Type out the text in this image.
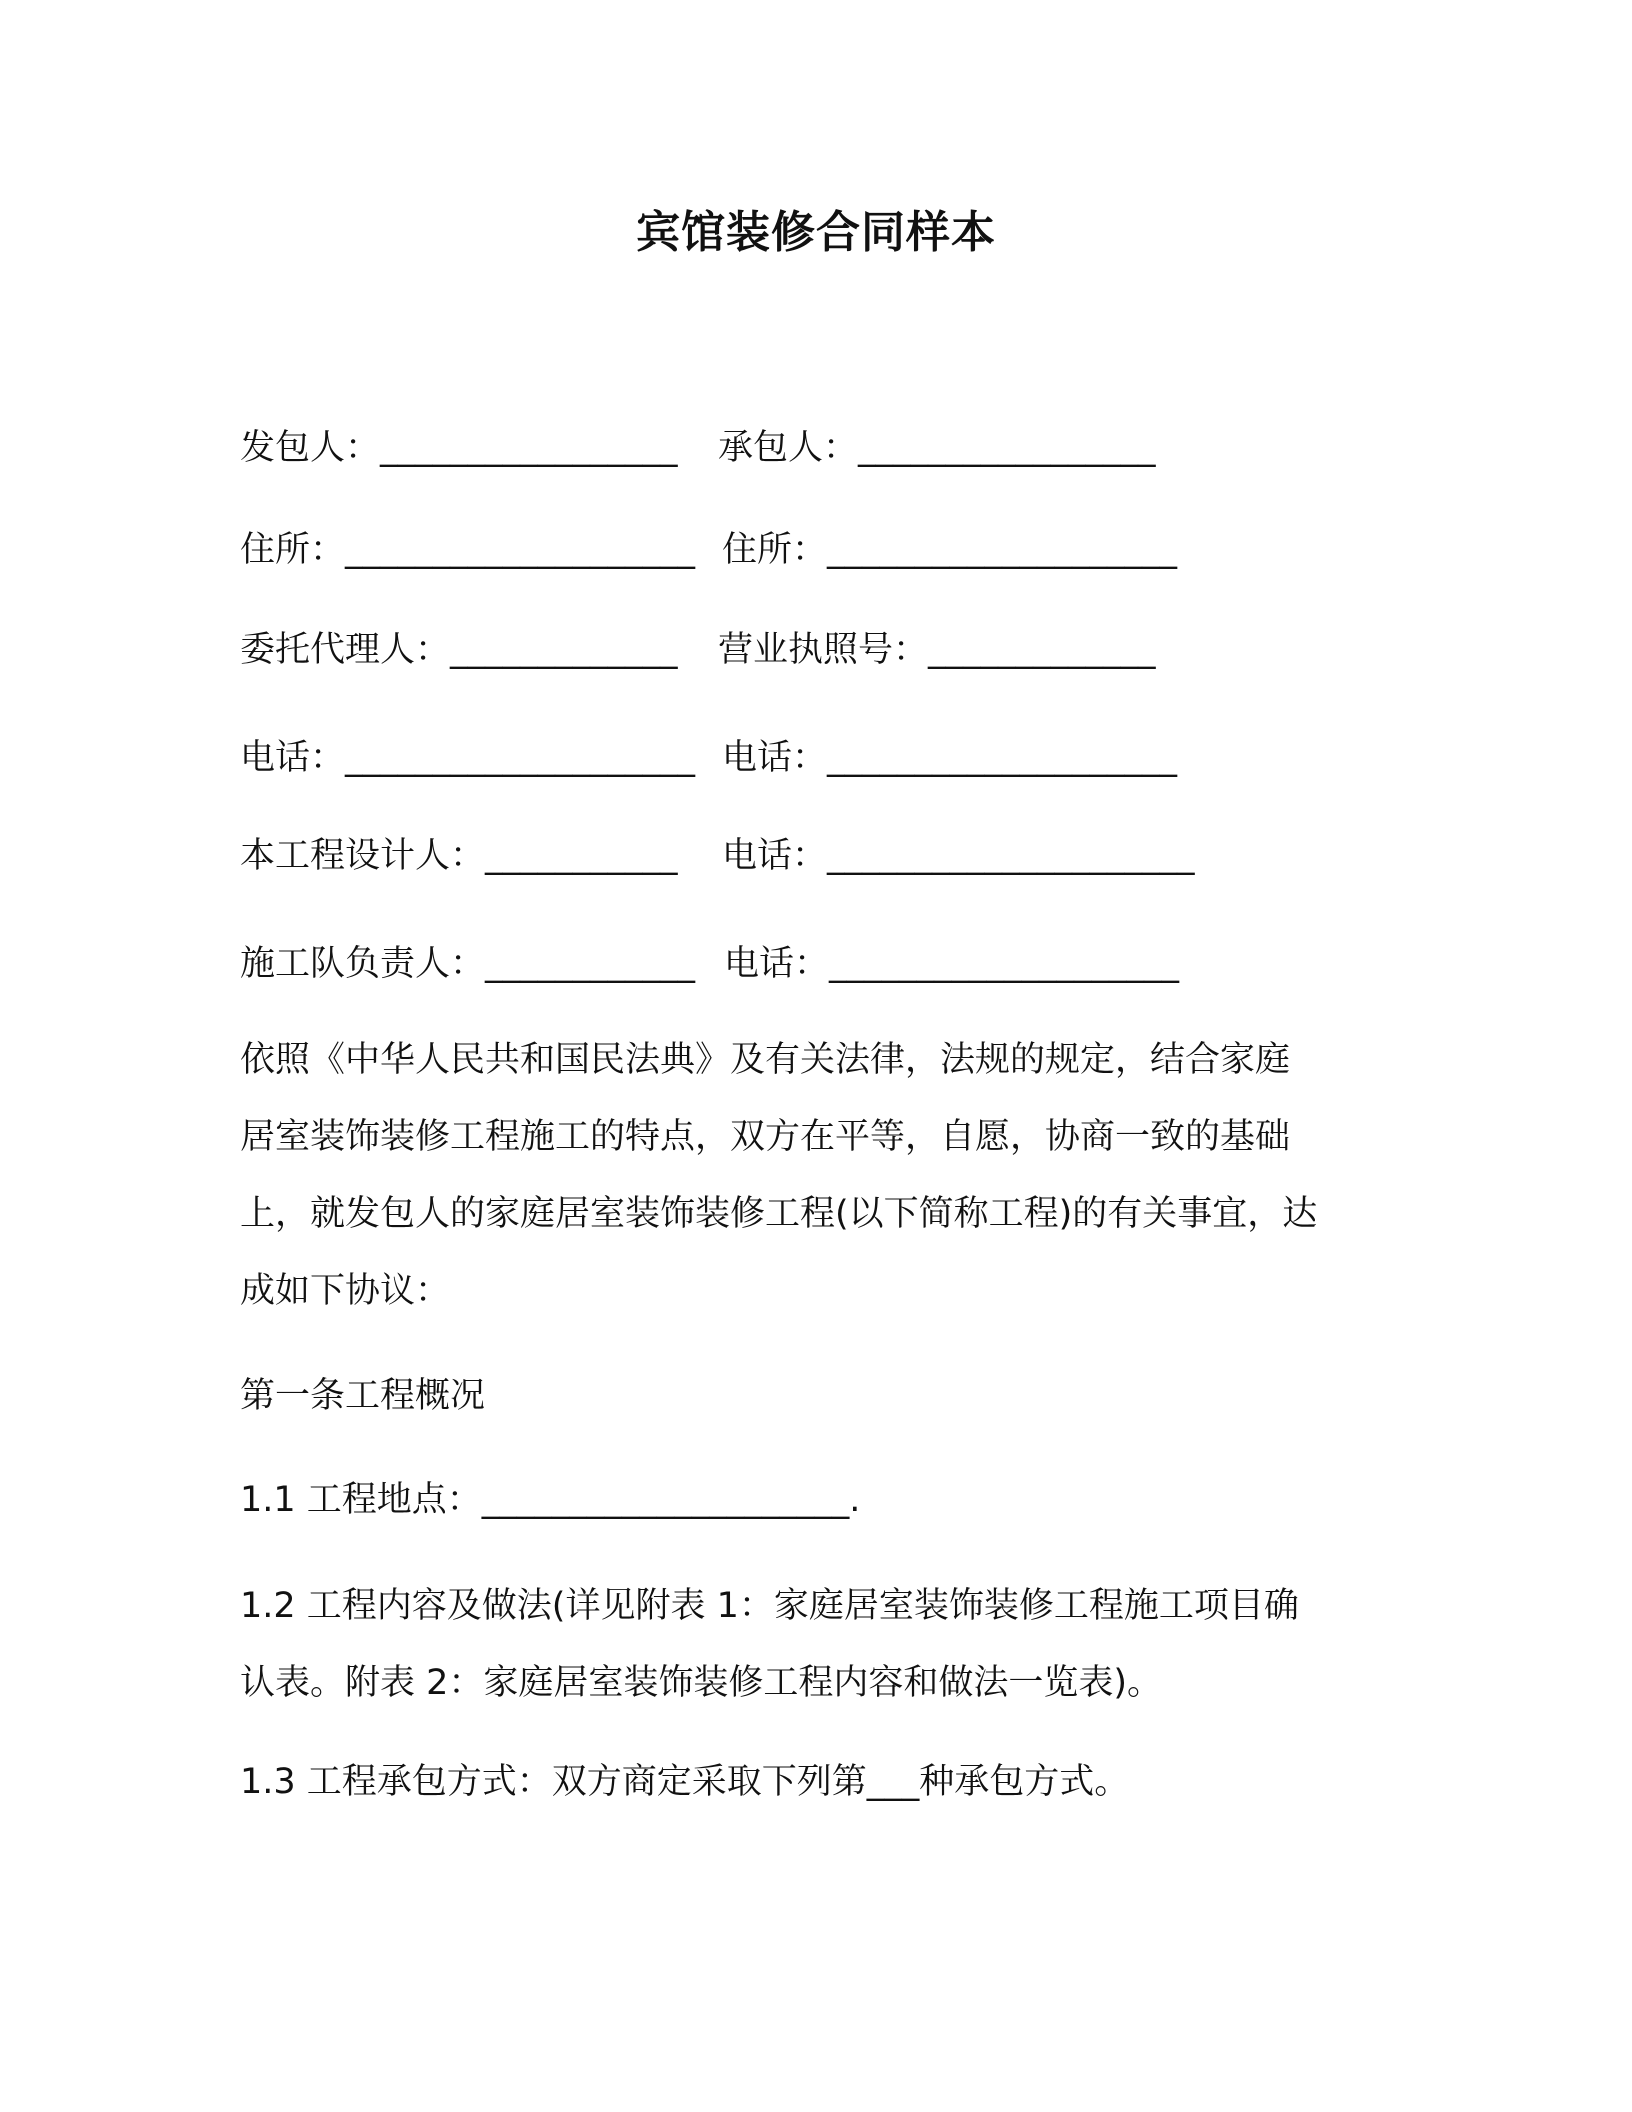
宾馆装修合同样本
发包人：_________________ 承包人：_________________
住所：____________________ 住所：____________________
委托代理人：_____________ 营业执照号：_____________
电话：____________________ 电话：____________________
本工程设计人：___________ 电话：_____________________
施工队负责人：____________ 电话：____________________
依照《中华人民共和国民法典》及有关法律，法规的规定，结合家庭
居室装饰装修工程施工的特点，双方在平等，自愿，协商一致的基础
上，就发包人的家庭居室装饰装修工程(以下简称工程)的有关事宜，达
成如下协议：
第一条工程概况
1.1 工程地点：_____________________.
1.2 工程内容及做法(详见附表 1：家庭居室装饰装修工程施工项目确
认表。附表 2：家庭居室装饰装修工程内容和做法一览表)。
1.3 工程承包方式：双方商定采取下列第___种承包方式。
